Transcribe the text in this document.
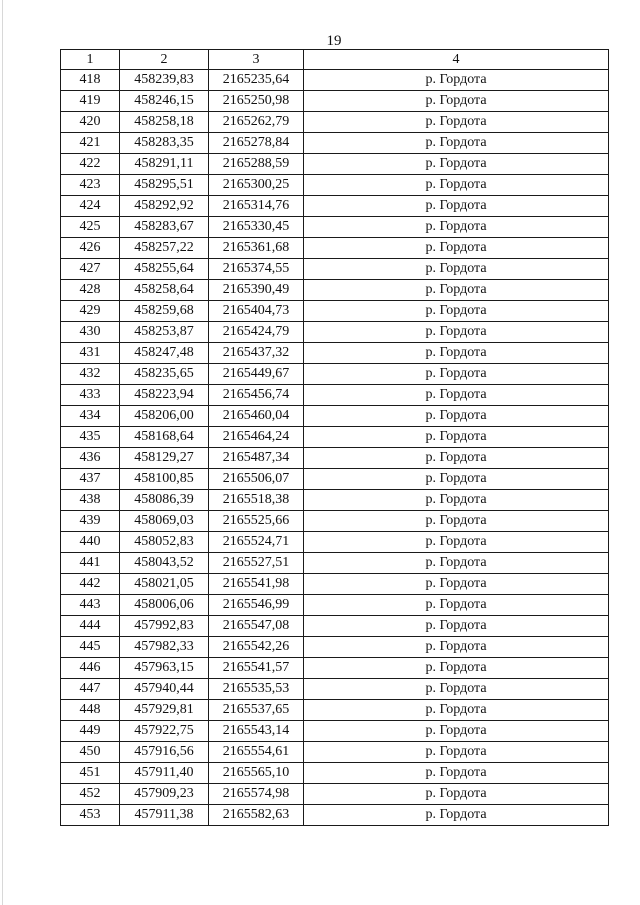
19
1	2	3	4
418	458239,83	2165235,64	р. Гордота
419	458246,15	2165250,98	р. Гордота
420	458258,18	2165262,79	р. Гордота
421	458283,35	2165278,84	р. Гордота
422	458291,11	2165288,59	р. Гордота
423	458295,51	2165300,25	р. Гордота
424	458292,92	2165314,76	р. Гордота
425	458283,67	2165330,45	р. Гордота
426	458257,22	2165361,68	р. Гордота
427	458255,64	2165374,55	р. Гордота
428	458258,64	2165390,49	р. Гордота
429	458259,68	2165404,73	р. Гордота
430	458253,87	2165424,79	р. Гордота
431	458247,48	2165437,32	р. Гордота
432	458235,65	2165449,67	р. Гордота
433	458223,94	2165456,74	р. Гордота
434	458206,00	2165460,04	р. Гордота
435	458168,64	2165464,24	р. Гордота
436	458129,27	2165487,34	р. Гордота
437	458100,85	2165506,07	р. Гордота
438	458086,39	2165518,38	р. Гордота
439	458069,03	2165525,66	р. Гордота
440	458052,83	2165524,71	р. Гордота
441	458043,52	2165527,51	р. Гордота
442	458021,05	2165541,98	р. Гордота
443	458006,06	2165546,99	р. Гордота
444	457992,83	2165547,08	р. Гордота
445	457982,33	2165542,26	р. Гордота
446	457963,15	2165541,57	р. Гордота
447	457940,44	2165535,53	р. Гордота
448	457929,81	2165537,65	р. Гордота
449	457922,75	2165543,14	р. Гордота
450	457916,56	2165554,61	р. Гордота
451	457911,40	2165565,10	р. Гордота
452	457909,23	2165574,98	р. Гордота
453	457911,38	2165582,63	р. Гордота
